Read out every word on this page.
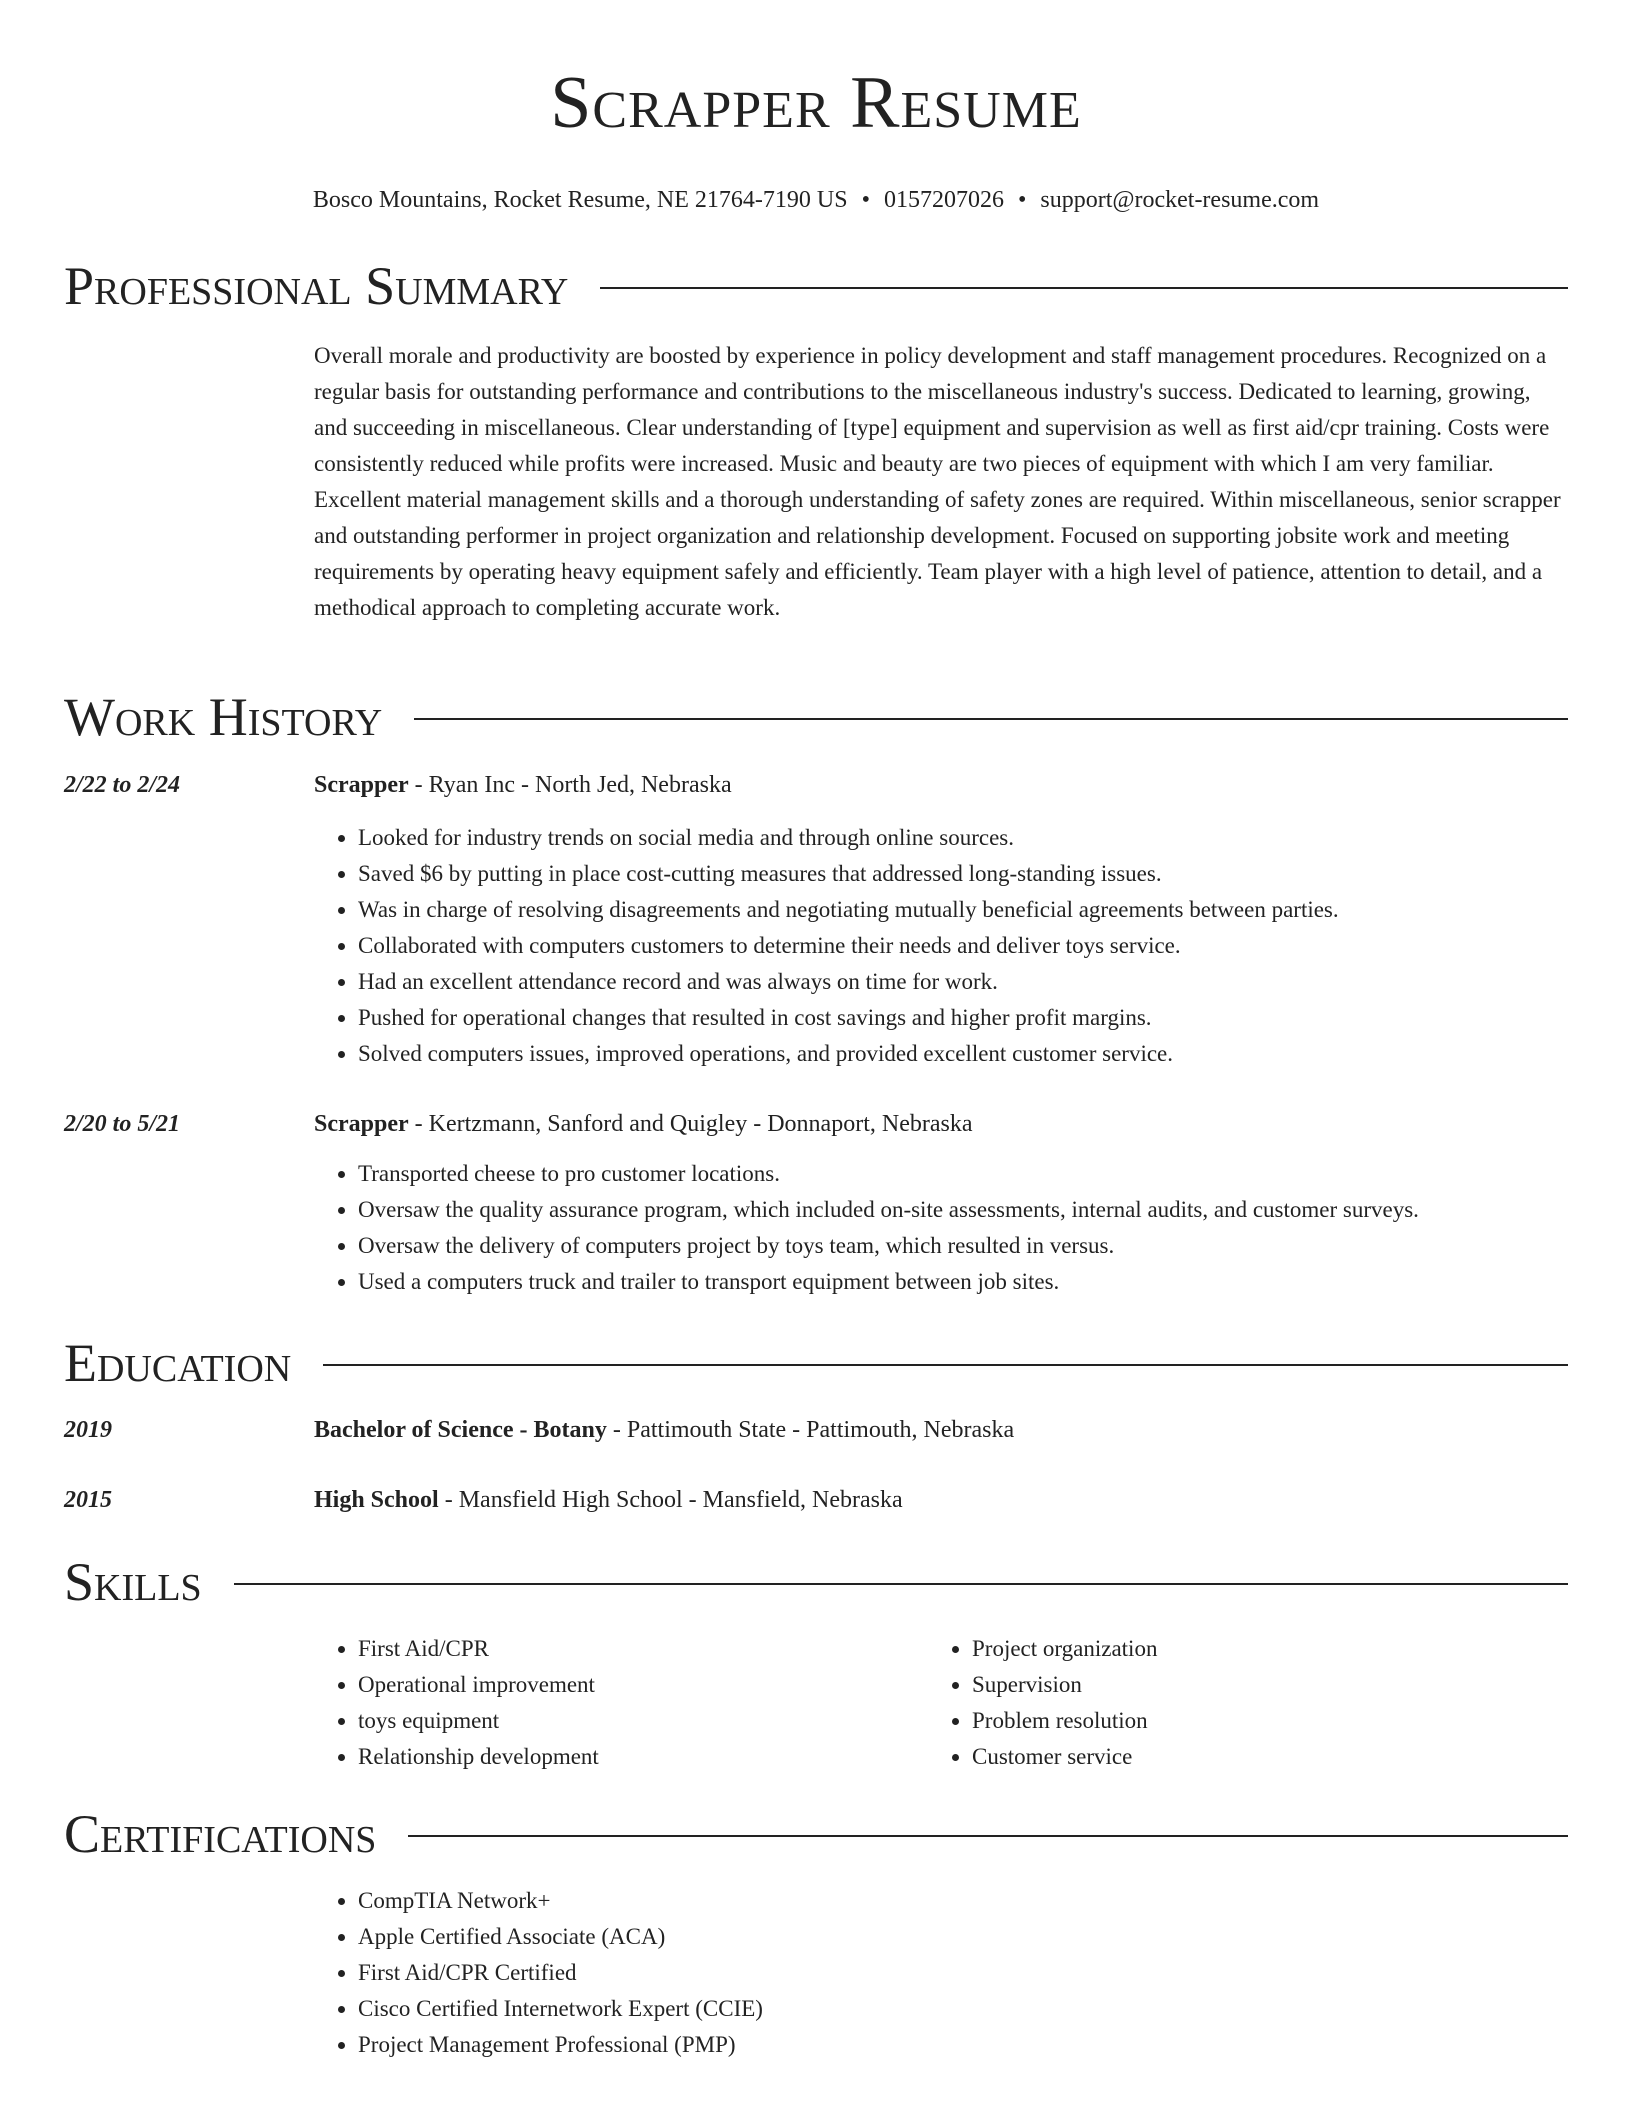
Scrapper Resume
Bosco Mountains, Rocket Resume, NE 21764-7190 US • 0157207026 • support@rocket-resume.com
Professional Summary

Overall morale and productivity are boosted by experience in policy development and staff management procedures. Recognized on a regular basis for outstanding performance and contributions to the miscellaneous industry's success. Dedicated to learning, growing, and succeeding in miscellaneous. Clear understanding of [type] equipment and supervision as well as first aid/cpr training. Costs were consistently reduced while profits were increased. Music and beauty are two pieces of equipment with which I am very familiar. Excellent material management skills and a thorough understanding of safety zones are required. Within miscellaneous, senior scrapper and outstanding performer in project organization and relationship development. Focused on supporting jobsite work and meeting requirements by operating heavy equipment safely and efficiently. Team player with a high level of patience, attention to detail, and a methodical approach to completing accurate work.

Work History
2/22 to 2/24	Scrapper - Ryan Inc - North Jed, Nebraska
• Looked for industry trends on social media and through online sources.
• Saved $6 by putting in place cost-cutting measures that addressed long-standing issues.
• Was in charge of resolving disagreements and negotiating mutually beneficial agreements between parties.
• Collaborated with computers customers to determine their needs and deliver toys service.
• Had an excellent attendance record and was always on time for work.
• Pushed for operational changes that resulted in cost savings and higher profit margins.
• Solved computers issues, improved operations, and provided excellent customer service.
2/20 to 5/21	Scrapper - Kertzmann, Sanford and Quigley - Donnaport, Nebraska
• Transported cheese to pro customer locations.
• Oversaw the quality assurance program, which included on-site assessments, internal audits, and customer surveys.
• Oversaw the delivery of computers project by toys team, which resulted in versus.
• Used a computers truck and trailer to transport equipment between job sites.
Education
2019	Bachelor of Science - Botany - Pattimouth State - Pattimouth, Nebraska
2015	High School - Mansfield High School - Mansfield, Nebraska
Skills
• First Aid/CPR
• Operational improvement
• toys equipment
• Relationship development
• Project organization
• Supervision
• Problem resolution
• Customer service
Certifications
• CompTIA Network+
• Apple Certified Associate (ACA)
• First Aid/CPR Certified
• Cisco Certified Internetwork Expert (CCIE)
• Project Management Professional (PMP)
